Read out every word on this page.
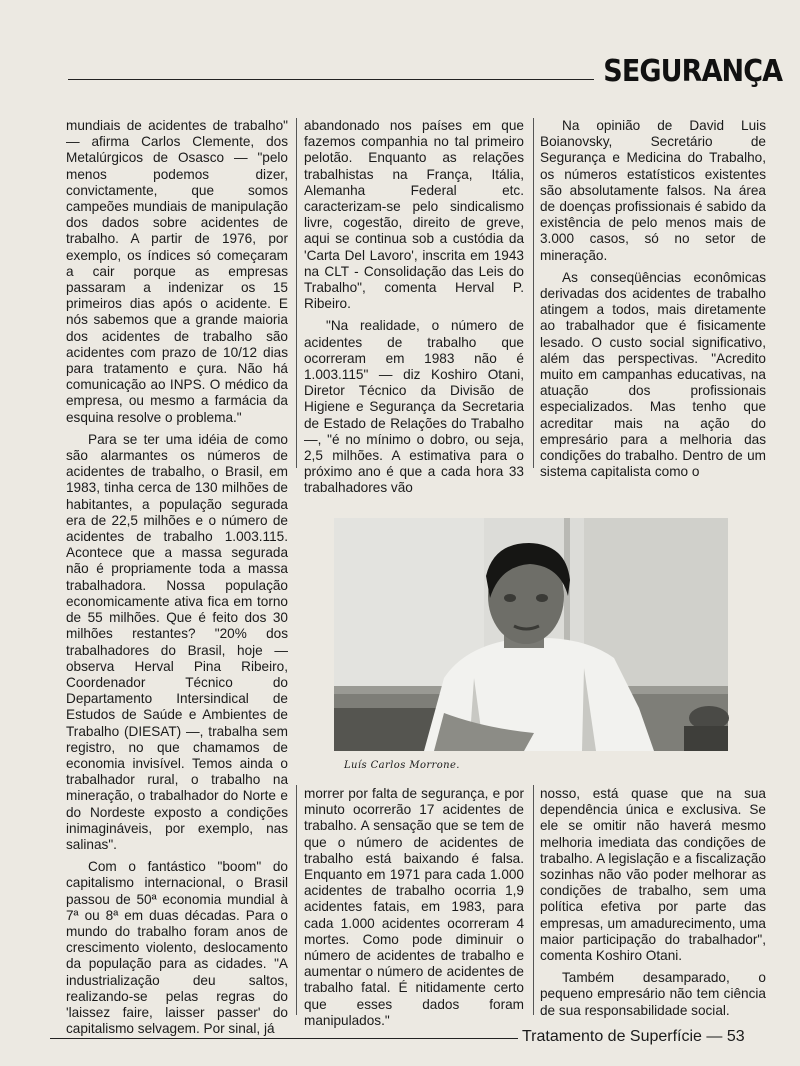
SEGURANÇA

mundiais de acidentes de trabalho" — afirma Carlos Clemente, dos Metalúrgicos de Osasco — "pelo menos podemos dizer, convictamente, que somos campeões mundiais de manipulação dos dados sobre acidentes de trabalho. A partir de 1976, por exemplo, os índices só começaram a cair porque as empresas passaram a indenizar os 15 primeiros dias após o acidente. E nós sabemos que a grande maioria dos acidentes de trabalho são acidentes com prazo de 10/12 dias para tratamento e çura. Não há comunicação ao INPS. O médico da empresa, ou mesmo a farmácia da esquina resolve o problema."

Para se ter uma idéia de como são alarmantes os números de acidentes de trabalho, o Brasil, em 1983, tinha cerca de 130 milhões de habitantes, a população segurada era de 22,5 milhões e o número de acidentes de trabalho 1.003.115. Acontece que a massa segurada não é propriamente toda a massa trabalhadora. Nossa população economicamente ativa fica em torno de 55 milhões. Que é feito dos 30 milhões restantes? "20% dos trabalhadores do Brasil, hoje — observa Herval Pina Ribeiro, Coordenador Técnico do Departamento Intersindical de Estudos de Saúde e Ambientes de Trabalho (DIESAT) —, trabalha sem registro, no que chamamos de economia invisível. Temos ainda o trabalhador rural, o trabalho na mineração, o trabalhador do Norte e do Nordeste exposto a condições inimagináveis, por exemplo, nas salinas".

Com o fantástico "boom" do capitalismo internacional, o Brasil passou de 50ª economia mundial à 7ª ou 8ª em duas décadas. Para o mundo do trabalho foram anos de crescimento violento, deslocamento da população para as cidades. "A industrialização deu saltos, realizando-se pelas regras do 'laissez faire, laisser passer' do capitalismo selvagem. Por sinal, já

abandonado nos países em que fazemos companhia no tal primeiro pelotão. Enquanto as relações trabalhistas na França, Itália, Alemanha Federal etc. caracterizam-se pelo sindicalismo livre, cogestão, direito de greve, aqui se continua sob a custódia da 'Carta Del Lavoro', inscrita em 1943 na CLT - Consolidação das Leis do Trabalho", comenta Herval P. Ribeiro.

"Na realidade, o número de acidentes de trabalho que ocorreram em 1983 não é 1.003.115" — diz Koshiro Otani, Diretor Técnico da Divisão de Higiene e Segurança da Secretaria de Estado de Relações do Trabalho —, "é no mínimo o dobro, ou seja, 2,5 milhões. A estimativa para o próximo ano é que a cada hora 33 trabalhadores vão

Na opinião de David Luis Boianovsky, Secretário de Segurança e Medicina do Trabalho, os números estatísticos existentes são absolutamente falsos. Na área de doenças profissionais é sabido da existência de pelo menos mais de 3.000 casos, só no setor de mineração.

As conseqüências econômicas derivadas dos acidentes de trabalho atingem a todos, mais diretamente ao trabalhador que é fisicamente lesado. O custo social significativo, além das perspectivas. "Acredito muito em campanhas educativas, na atuação dos profissionais especializados. Mas tenho que acreditar mais na ação do empresário para a melhoria das condições do trabalho. Dentro de um sistema capitalista como o

Luís Carlos Morrone.

morrer por falta de segurança, e por minuto ocorrerão 17 acidentes de trabalho. A sensação que se tem de que o número de acidentes de trabalho está baixando é falsa. Enquanto em 1971 para cada 1.000 acidentes de trabalho ocorria 1,9 acidentes fatais, em 1983, para cada 1.000 acidentes ocorreram 4 mortes. Como pode diminuir o número de acidentes de trabalho e aumentar o número de acidentes de trabalho fatal. É nitidamente certo que esses dados foram manipulados."

nosso, está quase que na sua dependência única e exclusiva. Se ele se omitir não haverá mesmo melhoria imediata das condições de trabalho. A legislação e a fiscalização sozinhas não vão poder melhorar as condições de trabalho, sem uma política efetiva por parte das empresas, um amadurecimento, uma maior participação do trabalhador", comenta Koshiro Otani.

Também desamparado, o pequeno empresário não tem ciência de sua responsabilidade social.

Tratamento de Superfície — 53
